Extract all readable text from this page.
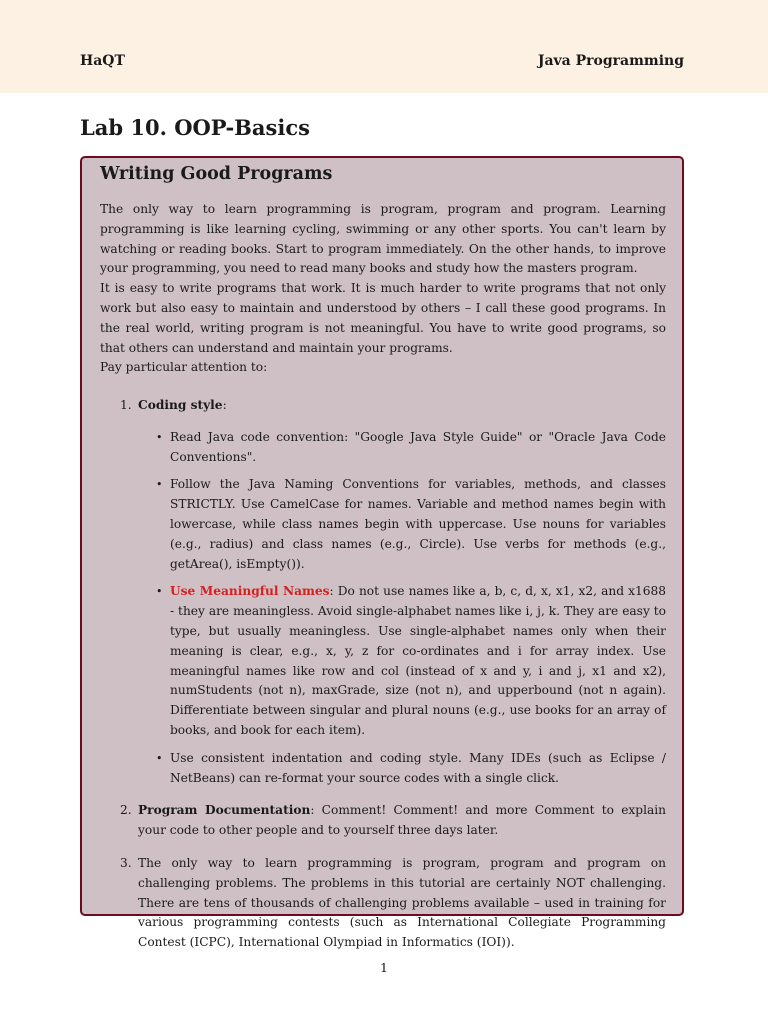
HaQT	Java Programming
Lab 10. OOP-Basics
Writing Good Programs

The only way to learn programming is program, program and program. Learning programming is like learning cycling, swimming or any other sports. You can't learn by watching or reading books. Start to program immediately. On the other hands, to improve your programming, you need to read many books and study how the masters program.

It is easy to write programs that work. It is much harder to write programs that not only work but also easy to maintain and understood by others – I call these good programs. In the real world, writing program is not meaningful. You have to write good programs, so that others can understand and maintain your programs.

Pay particular attention to:

1. Coding style:
• Read Java code convention: "Google Java Style Guide" or "Oracle Java Code Conventions".
• Follow the Java Naming Conventions for variables, methods, and classes STRICTLY. Use CamelCase for names. Variable and method names begin with lowercase, while class names begin with uppercase. Use nouns for variables (e.g., radius) and class names (e.g., Circle). Use verbs for methods (e.g., getArea(), isEmpty()).
• Use Meaningful Names: Do not use names like a, b, c, d, x, x1, x2, and x1688 - they are meaningless. Avoid single-alphabet names like i, j, k. They are easy to type, but usually meaningless. Use single-alphabet names only when their meaning is clear, e.g., x, y, z for co-ordinates and i for array index. Use meaningful names like row and col (instead of x and y, i and j, x1 and x2), numStudents (not n), maxGrade, size (not n), and upperbound (not n again). Differentiate between singular and plural nouns (e.g., use books for an array of books, and book for each item).
• Use consistent indentation and coding style. Many IDEs (such as Eclipse / NetBeans) can re-format your source codes with a single click.
2. Program Documentation: Comment! Comment! and more Comment to explain your code to other people and to yourself three days later.
3. The only way to learn programming is program, program and program on challenging problems. The problems in this tutorial are certainly NOT challenging. There are tens of thousands of challenging problems available – used in training for various programming contests (such as International Collegiate Programming Contest (ICPC), International Olympiad in Informatics (IOI)).
1
